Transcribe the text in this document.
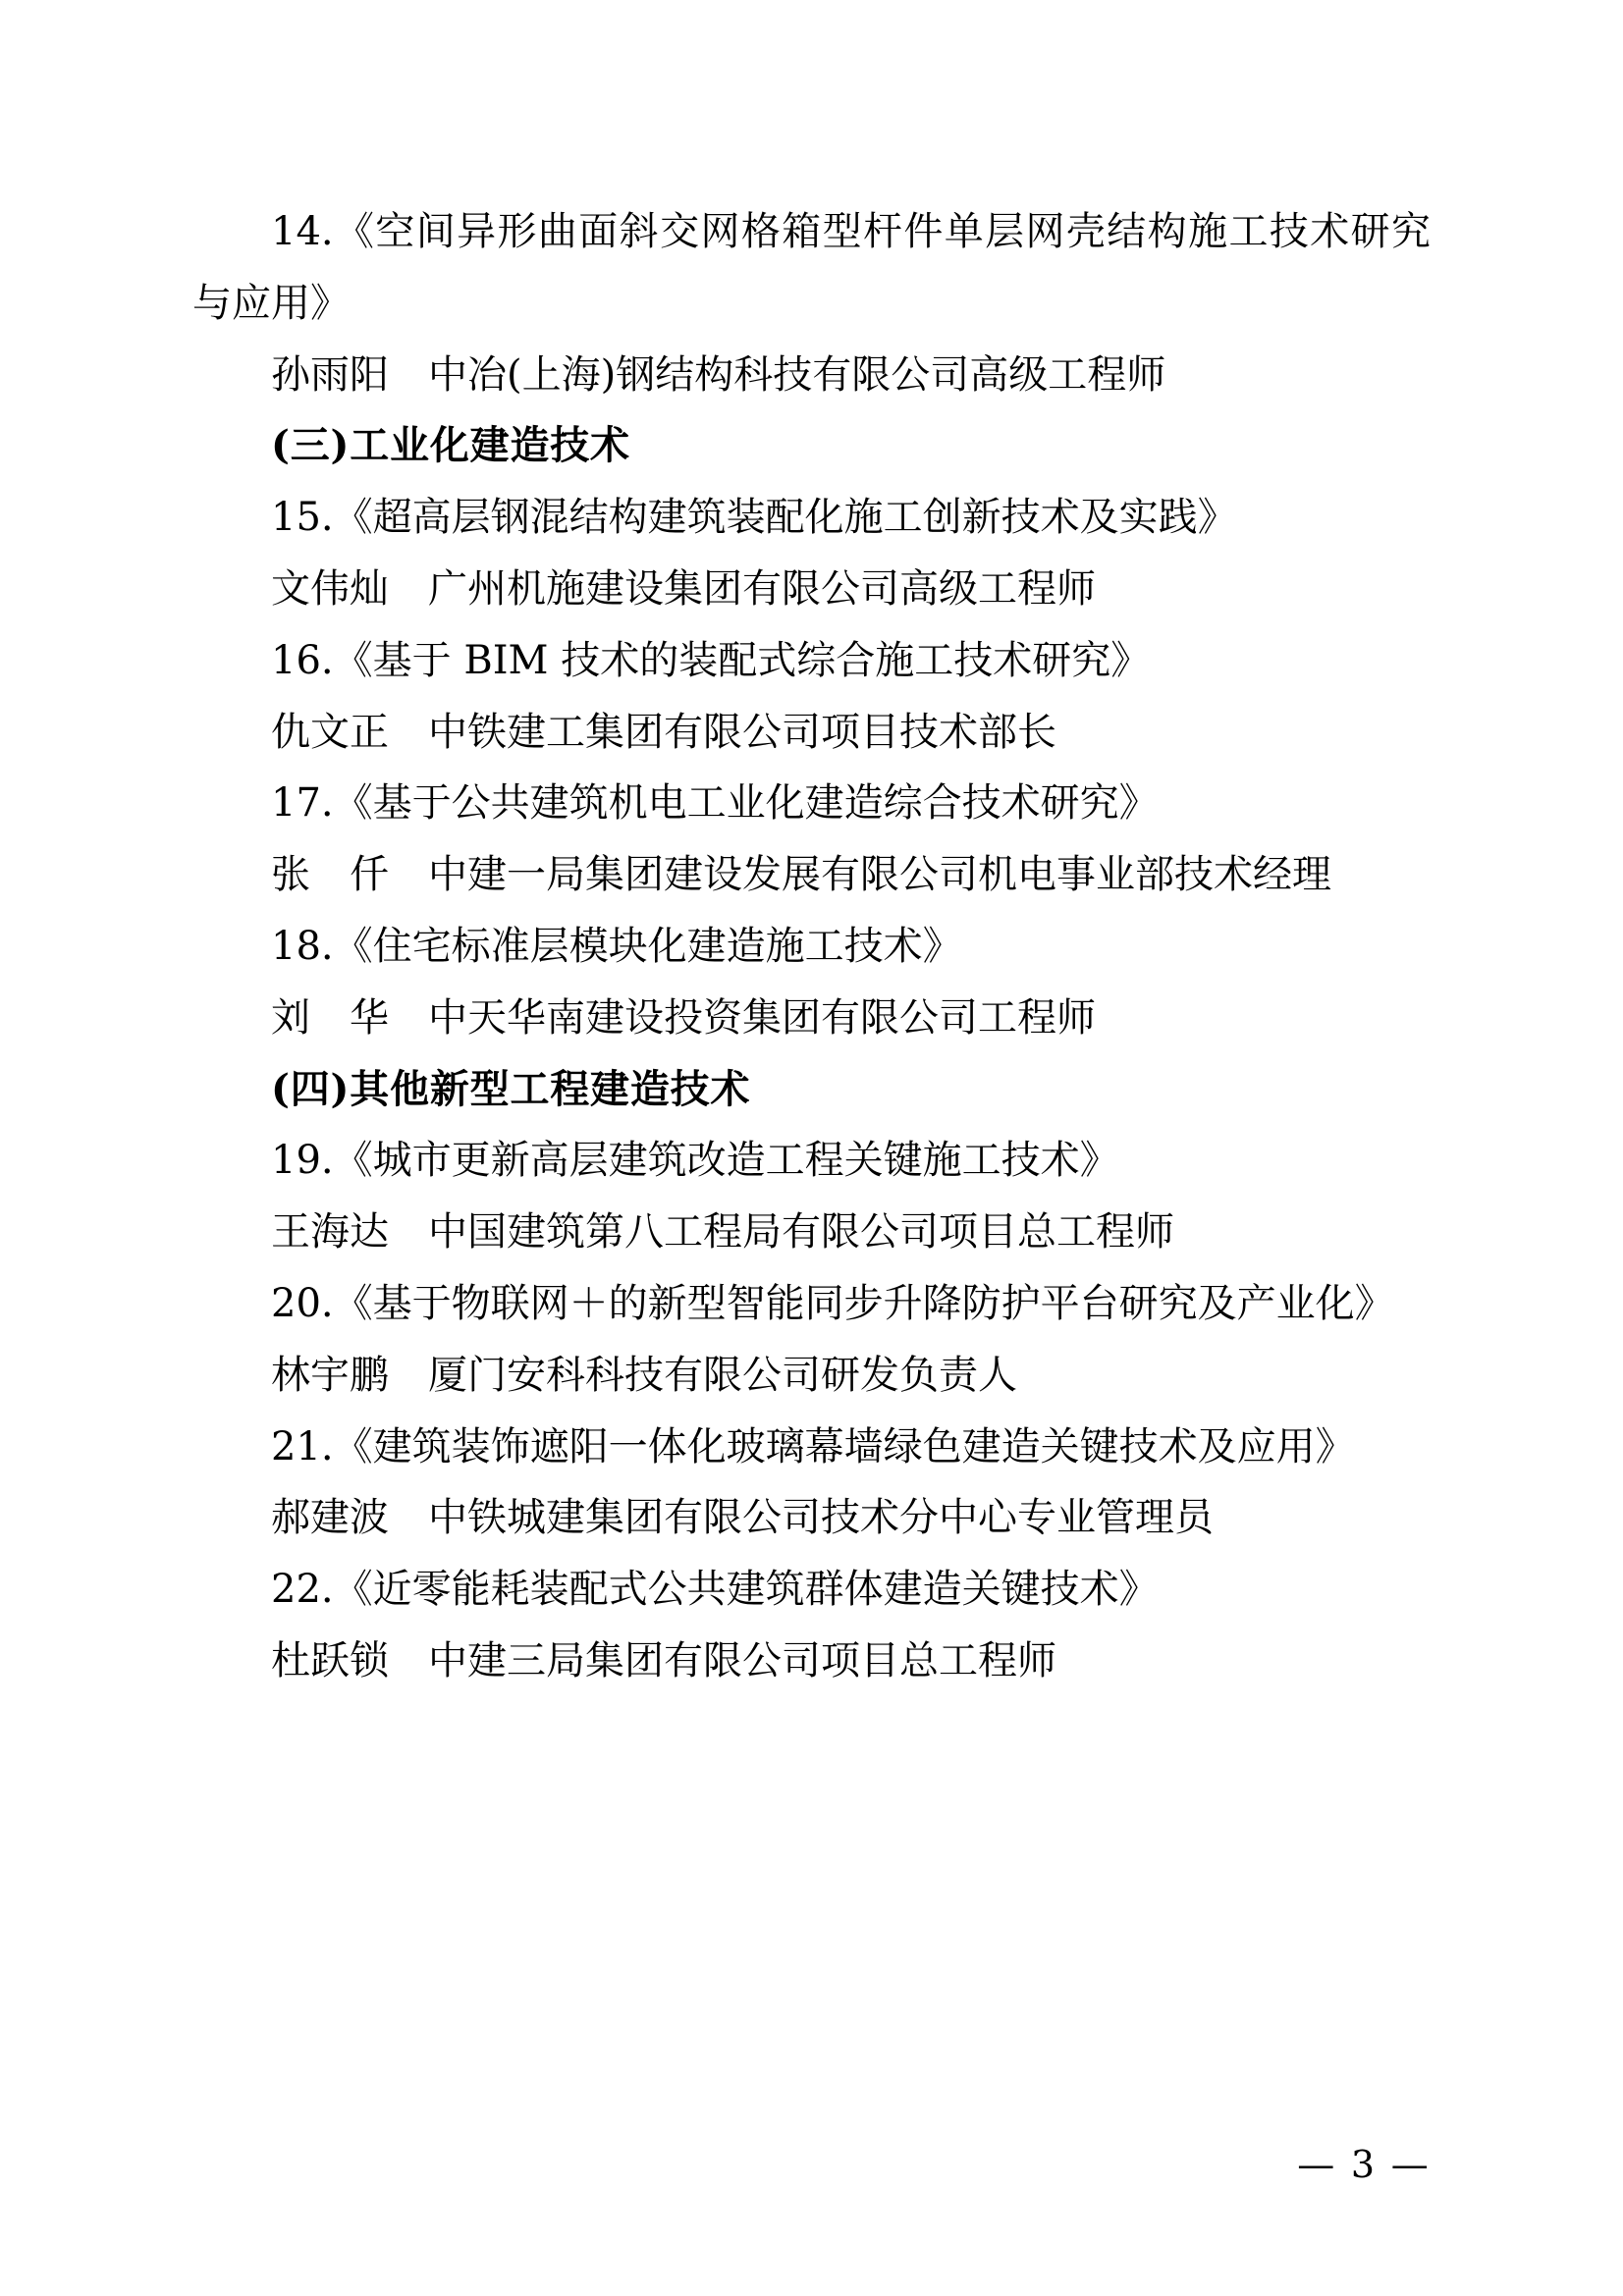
14.《空间异形曲面斜交网格箱型杆件单层网壳结构施工技术研究与应用》

孙雨阳　中冶(上海)钢结构科技有限公司高级工程师

(三)工业化建造技术

15.《超高层钢混结构建筑装配化施工创新技术及实践》

文伟灿　广州机施建设集团有限公司高级工程师

16.《基于 BIM 技术的装配式综合施工技术研究》

仇文正　中铁建工集团有限公司项目技术部长

17.《基于公共建筑机电工业化建造综合技术研究》

张　仟　中建一局集团建设发展有限公司机电事业部技术经理

18.《住宅标准层模块化建造施工技术》

刘　华　中天华南建设投资集团有限公司工程师

(四)其他新型工程建造技术

19.《城市更新高层建筑改造工程关键施工技术》

王海达　中国建筑第八工程局有限公司项目总工程师

20.《基于物联网＋的新型智能同步升降防护平台研究及产业化》

林宇鹏　厦门安科科技有限公司研发负责人

21.《建筑装饰遮阳一体化玻璃幕墙绿色建造关键技术及应用》

郝建波　中铁城建集团有限公司技术分中心专业管理员

22.《近零能耗装配式公共建筑群体建造关键技术》

杜跃锁　中建三局集团有限公司项目总工程师

— 3 —
